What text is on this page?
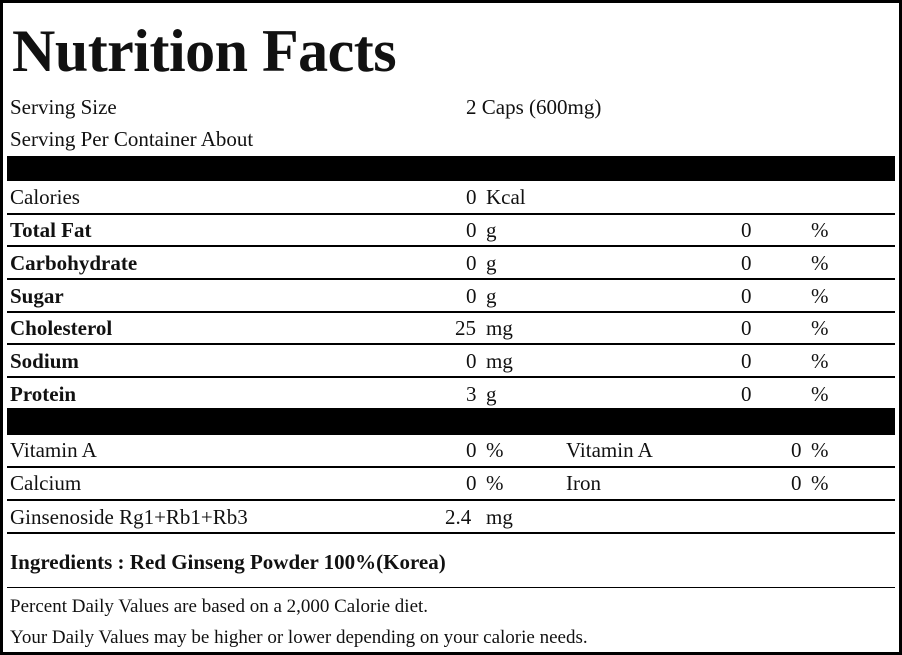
Nutrition Facts
Serving Size	2 Caps (600mg)
Serving Per Container About
Calories	0 Kcal
Total Fat	0 g	0	%
Carbohydrate	0 g	0	%
Sugar	0 g	0	%
Cholesterol	25 mg	0	%
Sodium	0 mg	0	%
Protein	3 g	0	%
Vitamin A	0 %	Vitamin A	0 %
Calcium	0 %	Iron	0 %
Ginsenoside Rg1+Rb1+Rb3	2.4 mg
Ingredients : Red Ginseng Powder 100%(Korea)
Percent Daily Values are based on a 2,000 Calorie diet.
Your Daily Values may be higher or lower depending on your calorie needs.
